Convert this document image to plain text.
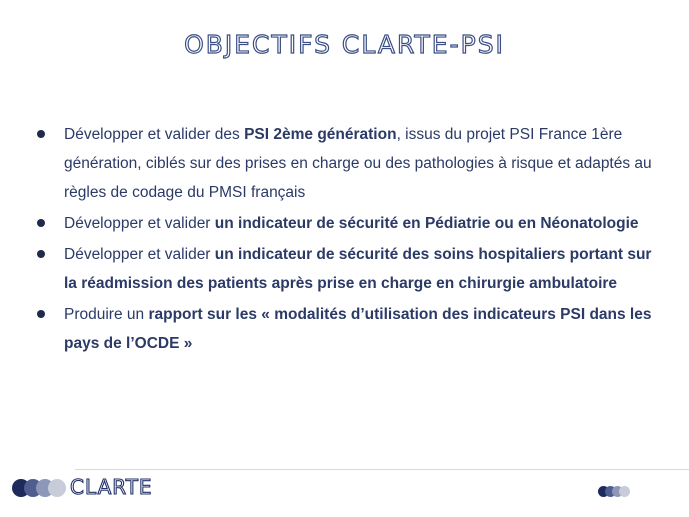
OBJECTIFS CLARTE-PSI
Développer et valider des PSI 2ème génération, issus du projet PSI France 1ère génération, ciblés sur des prises en charge ou des pathologies à risque et adaptés au règles de codage du PMSI français
Développer et valider un indicateur de sécurité en Pédiatrie ou en Néonatologie
Développer et valider un indicateur de sécurité des soins hospitaliers portant sur la réadmission des patients après prise en charge en chirurgie ambulatoire
Produire un rapport sur les « modalités d’utilisation des indicateurs PSI dans les pays de l’OCDE »
CLARTE
